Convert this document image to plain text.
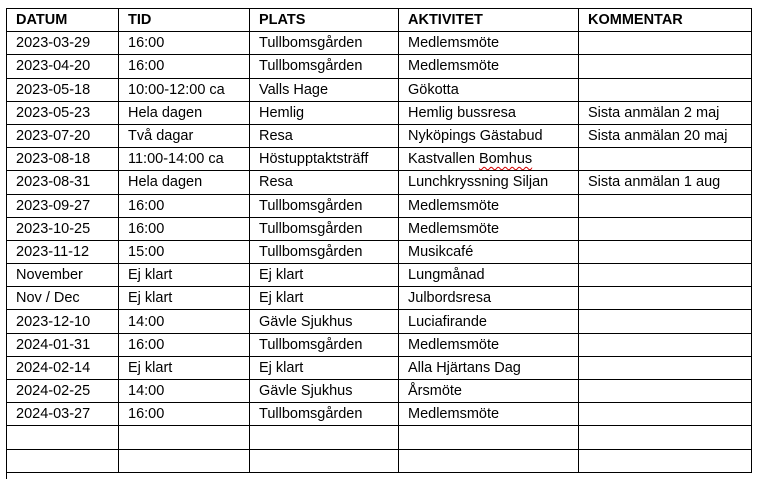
DATUM	TID	PLATS	AKTIVITET	KOMMENTAR
2023-03-29	16:00	Tullbomsgården	Medlemsmöte	
2023-04-20	16:00	Tullbomsgården	Medlemsmöte	
2023-05-18	10:00-12:00 ca	Valls Hage	Gökotta	
2023-05-23	Hela dagen	Hemlig	Hemlig bussresa	Sista anmälan 2 maj
2023-07-20	Två dagar	Resa	Nyköpings Gästabud	Sista anmälan 20 maj
2023-08-18	11:00-14:00 ca	Höstupptaktsträff	Kastvallen Bomhus	
2023-08-31	Hela dagen	Resa	Lunchkryssning Siljan	Sista anmälan 1 aug
2023-09-27	16:00	Tullbomsgården	Medlemsmöte	
2023-10-25	16:00	Tullbomsgården	Medlemsmöte	
2023-11-12	15:00	Tullbomsgården	Musikcafé	
November	Ej klart	Ej klart	Lungmånad	
Nov / Dec	Ej klart	Ej klart	Julbordsresa	
2023-12-10	14:00	Gävle Sjukhus	Luciafirande	
2024-01-31	16:00	Tullbomsgården	Medlemsmöte	
2024-02-14	Ej klart	Ej klart	Alla Hjärtans Dag	
2024-02-25	14:00	Gävle Sjukhus	Årsmöte	
2024-03-27	16:00	Tullbomsgården	Medlemsmöte	
